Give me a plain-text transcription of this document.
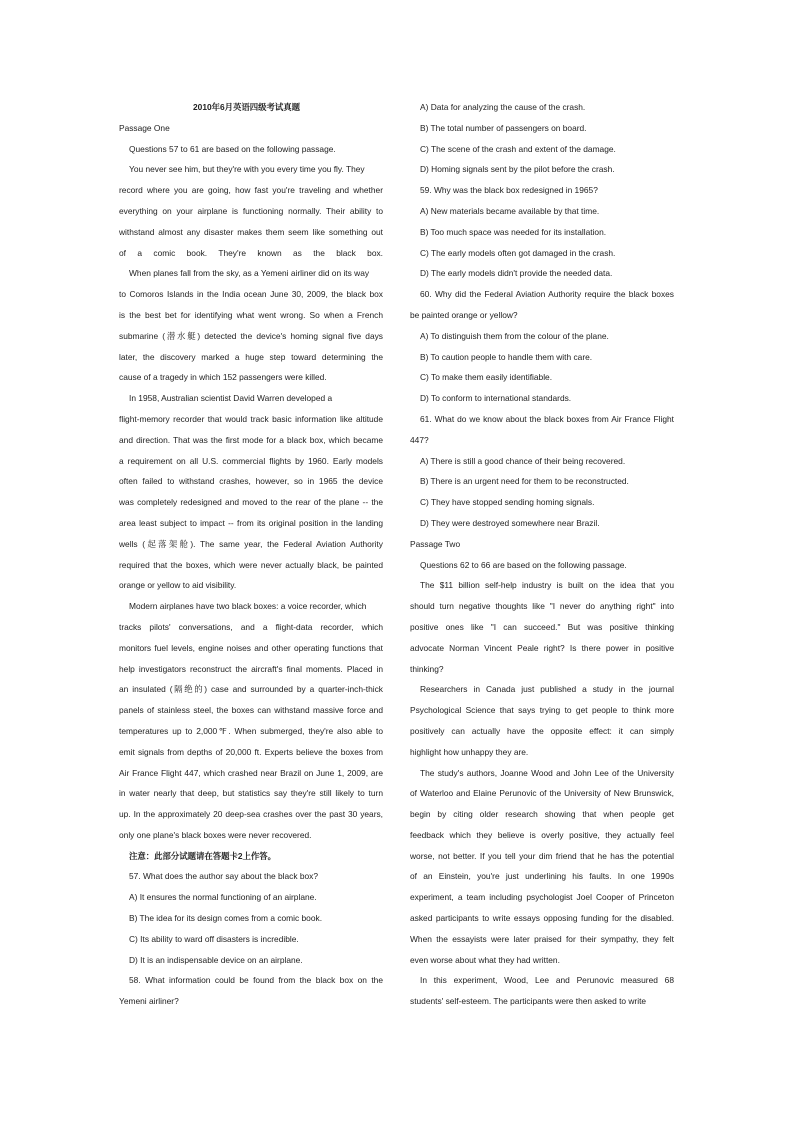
2010年6月英语四级考试真题
Passage One
Questions 57 to 61 are based on the following passage.
You never see him, but they're with you every time you fly. They
record where you are going, how fast you're traveling and whether
everything on your airplane is functioning normally. Their ability to
withstand almost any disaster makes them seem like something out
of a comic book. They're known as the black box.
When planes fall from the sky, as a Yemeni airliner did on its way
to Comoros Islands in the India ocean June 30, 2009, the black box
is the best bet for identifying what went wrong. So when a French
submarine (潜水艇) detected the device's homing signal five days
later, the discovery marked a huge step toward determining the
cause of a tragedy in which 152 passengers were killed.
In 1958, Australian scientist David Warren developed a
flight-memory recorder that would track basic information like altitude
and direction. That was the first mode for a black box, which became
a requirement on all U.S. commercial flights by 1960. Early models
often failed to withstand crashes, however, so in 1965 the device
was completely redesigned and moved to the rear of the plane -- the
area least subject to impact -- from its original position in the landing
wells (起落架舱). The same year, the Federal Aviation Authority
required that the boxes, which were never actually black, be painted
orange or yellow to aid visibility.
Modern airplanes have two black boxes: a voice recorder, which
tracks pilots' conversations, and a flight-data recorder, which
monitors fuel levels, engine noises and other operating functions that
help investigators reconstruct the aircraft's final moments. Placed in
an insulated (隔绝的) case and surrounded by a quarter-inch-thick
panels of stainless steel, the boxes can withstand massive force and
temperatures up to 2,000℉. When submerged, they're also able to
emit signals from depths of 20,000 ft. Experts believe the boxes from
Air France Flight 447, which crashed near Brazil on June 1, 2009, are
in water nearly that deep, but statistics say they're still likely to turn
up. In the approximately 20 deep-sea crashes over the past 30 years,
only one plane's black boxes were never recovered.
注意：此部分试题请在答题卡2上作答。
57. What does the author say about the black box?
A) It ensures the normal functioning of an airplane.
B) The idea for its design comes from a comic book.
C) Its ability to ward off disasters is incredible.
D) It is an indispensable device on an airplane.
58. What information could be found from the black box on the
Yemeni airliner?
A) Data for analyzing the cause of the crash.
B) The total number of passengers on board.
C) The scene of the crash and extent of the damage.
D) Homing signals sent by the pilot before the crash.
59. Why was the black box redesigned in 1965?
A) New materials became available by that time.
B) Too much space was needed for its installation.
C) The early models often got damaged in the crash.
D) The early models didn't provide the needed data.
60. Why did the Federal Aviation Authority require the black boxes
be painted orange or yellow?
A) To distinguish them from the colour of the plane.
B) To caution people to handle them with care.
C) To make them easily identifiable.
D) To conform to international standards.
61. What do we know about the black boxes from Air France Flight
447?
A) There is still a good chance of their being recovered.
B) There is an urgent need for them to be reconstructed.
C) They have stopped sending homing signals.
D) They were destroyed somewhere near Brazil.
Passage Two
Questions 62 to 66 are based on the following passage.
The $11 billion self-help industry is built on the idea that you
should turn negative thoughts like "I never do anything right" into
positive ones like "I can succeed." But was positive thinking
advocate Norman Vincent Peale right? Is there power in positive
thinking?
Researchers in Canada just published a study in the journal
Psychological Science that says trying to get people to think more
positively can actually have the opposite effect: it can simply
highlight how unhappy they are.
The study's authors, Joanne Wood and John Lee of the University
of Waterloo and Elaine Perunovic of the University of New Brunswick,
begin by citing older research showing that when people get
feedback which they believe is overly positive, they actually feel
worse, not better. If you tell your dim friend that he has the potential
of an Einstein, you're just underlining his faults. In one 1990s
experiment, a team including psychologist Joel Cooper of Princeton
asked participants to write essays opposing funding for the disabled.
When the essayists were later praised for their sympathy, they felt
even worse about what they had written.
In this experiment, Wood, Lee and Perunovic measured 68
students' self-esteem. The participants were then asked to write
